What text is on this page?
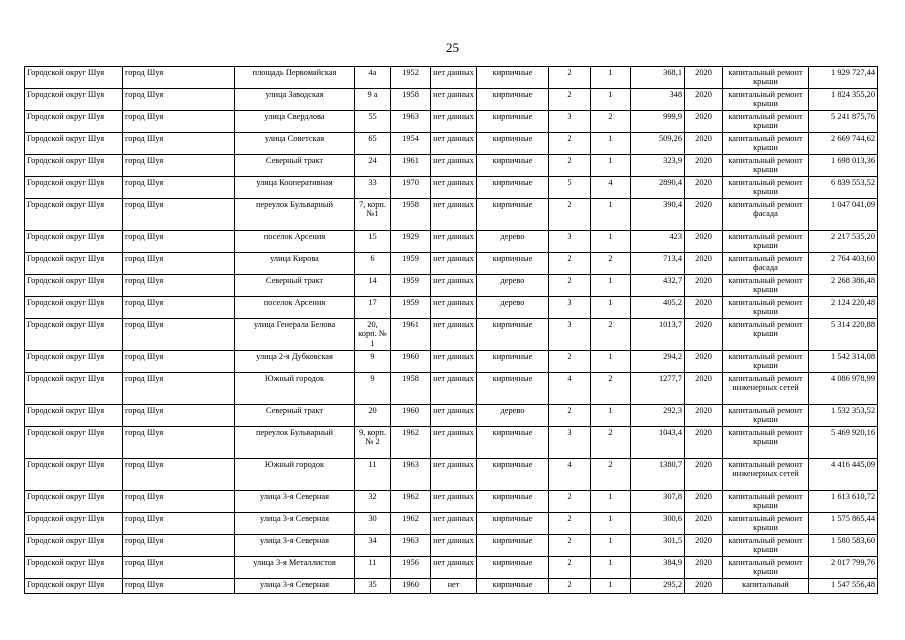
25
Городской округ Шуя	город Шуя	площадь Первомайская	4а	1952	нет данных	кирпичные	2	1	368,1	2020	капитальный ремонт крыши	1 929 727,44
Городской округ Шуя	город Шуя	улица Заводская	9 а	1958	нет данных	кирпичные	2	1	348	2020	капитальный ремонт крыши	1 824 355,20
Городской округ Шуя	город Шуя	улица Свердлова	55	1963	нет данных	кирпичные	3	2	999,9	2020	капитальный ремонт крыши	5 241 875,76
Городской округ Шуя	город Шуя	улица Советская	65	1954	нет данных	кирпичные	2	1	509,26	2020	капитальный ремонт крыши	2 669 744,62
Городской округ Шуя	город Шуя	Северный тракт	24	1961	нет данных	кирпичные	2	1	323,9	2020	капитальный ремонт крыши	1 698 013,36
Городской округ Шуя	город Шуя	улица Кооперативная	33	1970	нет данных	кирпичные	5	4	2890,4	2020	капитальный ремонт крыши	6 839 553,52
Городской округ Шуя	город Шуя	переулок Бульварный	7, корп. №1	1958	нет данных	кирпичные	2	1	390,4	2020	капитальный ремонт фасада	1 047 041,09
Городской округ Шуя	город Шуя	поселок Арсения	15	1929	нет данных	дерево	3	1	423	2020	капитальный ремонт крыши	2 217 535,20
Городской округ Шуя	город Шуя	улица Кирова	6	1959	нет данных	кирпичные	2	2	713,4	2020	капитальный ремонт фасада	2 764 403,60
Городской округ Шуя	город Шуя	Северный тракт	14	1959	нет данных	дерево	2	1	432,7	2020	капитальный ремонт крыши	2 268 386,48
Городской округ Шуя	город Шуя	поселок Арсения	17	1959	нет данных	дерево	3	1	405,2	2020	капитальный ремонт крыши	2 124 220,48
Городской округ Шуя	город Шуя	улица Генерала Белова	20, корп. № 1	1961	нет данных	кирпичные	3	2	1013,7	2020	капитальный ремонт крыши	5 314 220,88
Городской округ Шуя	город Шуя	улица 2-я Дубковская	9	1960	нет данных	кирпичные	2	1	294,2	2020	капитальный ремонт крыши	1 542 314,08
Городской округ Шуя	город Шуя	Южный городок	9	1958	нет данных	кирпичные	4	2	1277,7	2020	капитальный ремонт инженерных сетей	4 086 978,99
Городской округ Шуя	город Шуя	Северный тракт	20	1960	нет данных	дерево	2	1	292,3	2020	капитальный ремонт крыши	1 532 353,52
Городской округ Шуя	город Шуя	переулок Бульварный	9, корп. № 2	1962	нет данных	кирпичные	3	2	1043,4	2020	капитальный ремонт крыши	5 469 920,16
Городской округ Шуя	город Шуя	Южный городок	11	1963	нет данных	кирпичные	4	2	1380,7	2020	капитальный ремонт инженерных сетей	4 416 445,09
Городской округ Шуя	город Шуя	улица 3-я Северная	32	1962	нет данных	кирпичные	2	1	307,8	2020	капитальный ремонт крыши	1 613 610,72
Городской округ Шуя	город Шуя	улица 3-я Северная	30	1962	нет данных	кирпичные	2	1	300,6	2020	капитальный ремонт крыши	1 575 865,44
Городской округ Шуя	город Шуя	улица 3-я Северная	34	1963	нет данных	кирпичные	2	1	301,5	2020	капитальный ремонт крыши	1 580 583,60
Городской округ Шуя	город Шуя	улица 3-я Металлистов	11	1956	нет данных	кирпичные	2	1	384,9	2020	капитальный ремонт крыши	2 017 799,76
Городской округ Шуя	город Шуя	улица 3-я Северная	35	1960	нет	кирпичные	2	1	295,2	2020	капитальный	1 547 556,48
